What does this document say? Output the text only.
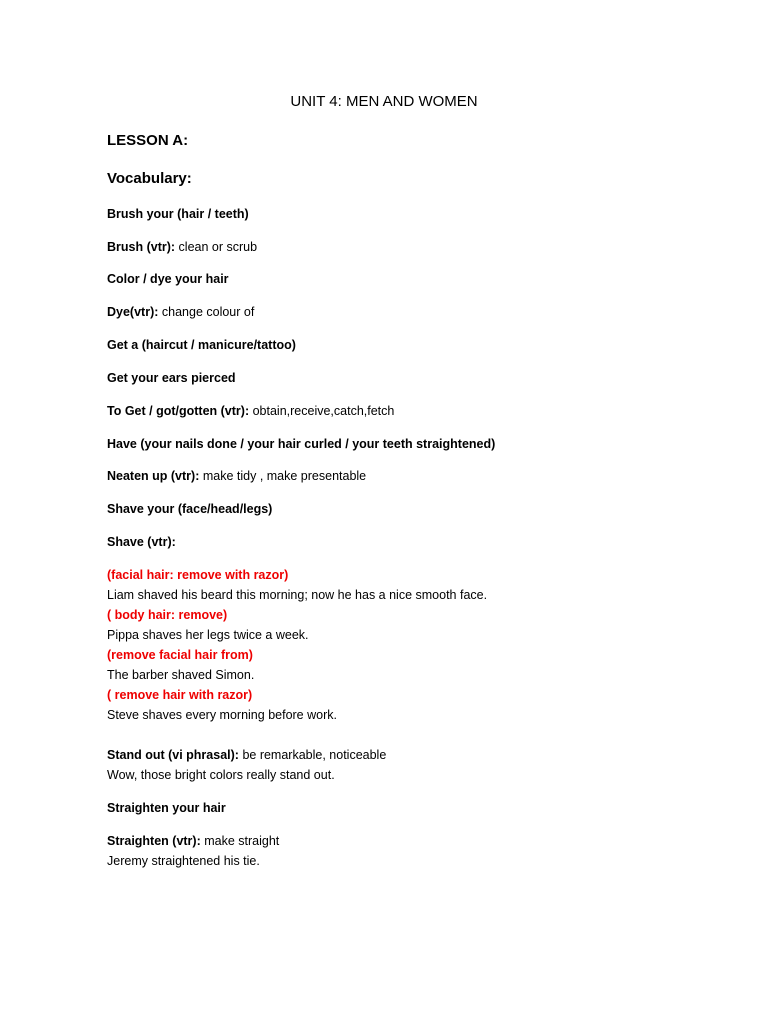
UNIT 4: MEN AND WOMEN
LESSON A:
Vocabulary:
Brush your (hair / teeth)
Brush (vtr): clean or scrub
Color / dye your hair
Dye(vtr): change colour of
Get a (haircut / manicure/tattoo)
Get your ears pierced
To Get / got/gotten (vtr): obtain,receive,catch,fetch
Have (your nails done / your hair curled / your teeth straightened)
Neaten up (vtr): make tidy , make presentable
Shave your (face/head/legs)
Shave (vtr):
(facial hair: remove with razor)
Liam shaved his beard this morning; now he has a nice smooth face.
( body hair: remove)
Pippa shaves her legs twice a week.
(remove facial hair from)
The barber shaved Simon.
( remove hair with razor)
Steve shaves every morning before work.
Stand out (vi phrasal): be remarkable, noticeable
Wow, those bright colors really stand out.
Straighten your hair
Straighten (vtr): make straight
Jeremy straightened his tie.
